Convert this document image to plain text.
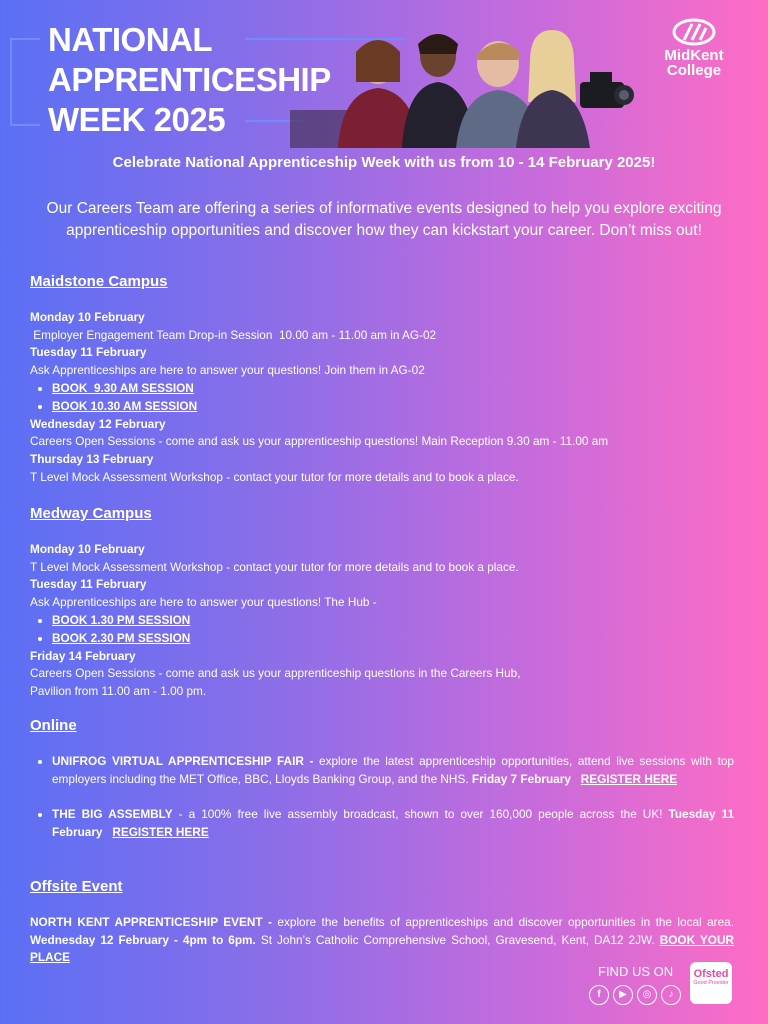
NATIONAL
APPRENTICESHIP
WEEK 2025
MidKent
College
Celebrate National Apprenticeship Week with us from 10 - 14 February 2025!
Our Careers Team are offering a series of informative events designed to help you explore exciting apprenticeship opportunities and discover how they can kickstart your career. Don’t miss out!
Maidstone Campus
Monday 10 February
Employer Engagement Team Drop-in Session  10.00 am - 11.00 am in AG-02
Tuesday 11 February
Ask Apprenticeships are here to answer your questions! Join them in AG-02
• BOOK  9.30 AM SESSION
• BOOK 10.30 AM SESSION
Wednesday 12 February
Careers Open Sessions - come and ask us your apprenticeship questions! Main Reception 9.30 am - 11.00 am
Thursday 13 February
T Level Mock Assessment Workshop - contact your tutor for more details and to book a place.
Medway Campus
Monday 10 February
T Level Mock Assessment Workshop - contact your tutor for more details and to book a place.
Tuesday 11 February
Ask Apprenticeships are here to answer your questions! The Hub -
• BOOK 1.30 PM SESSION
• BOOK 2.30 PM SESSION
Friday 14 February
Careers Open Sessions - come and ask us your apprenticeship questions in the Careers Hub,
Pavilion from 11.00 am - 1.00 pm.
Online
• UNIFROG VIRTUAL APPRENTICESHIP FAIR - explore the latest apprenticeship opportunities, attend live sessions with top employers including the MET Office, BBC, Lloyds Banking Group, and the NHS. Friday 7 February REGISTER HERE
• THE BIG ASSEMBLY - a 100% free live assembly broadcast, shown to over 160,000 people across the UK! Tuesday 11 February REGISTER HERE
Offsite Event
NORTH KENT APPRENTICESHIP EVENT - explore the benefits of apprenticeships and discover opportunities in the local area. Wednesday 12 February - 4pm to 6pm. St John’s Catholic Comprehensive School, Gravesend, Kent, DA12 2JW. BOOK YOUR PLACE
FIND US ON
f	▶	◎	♪
Ofsted
Good Provider
